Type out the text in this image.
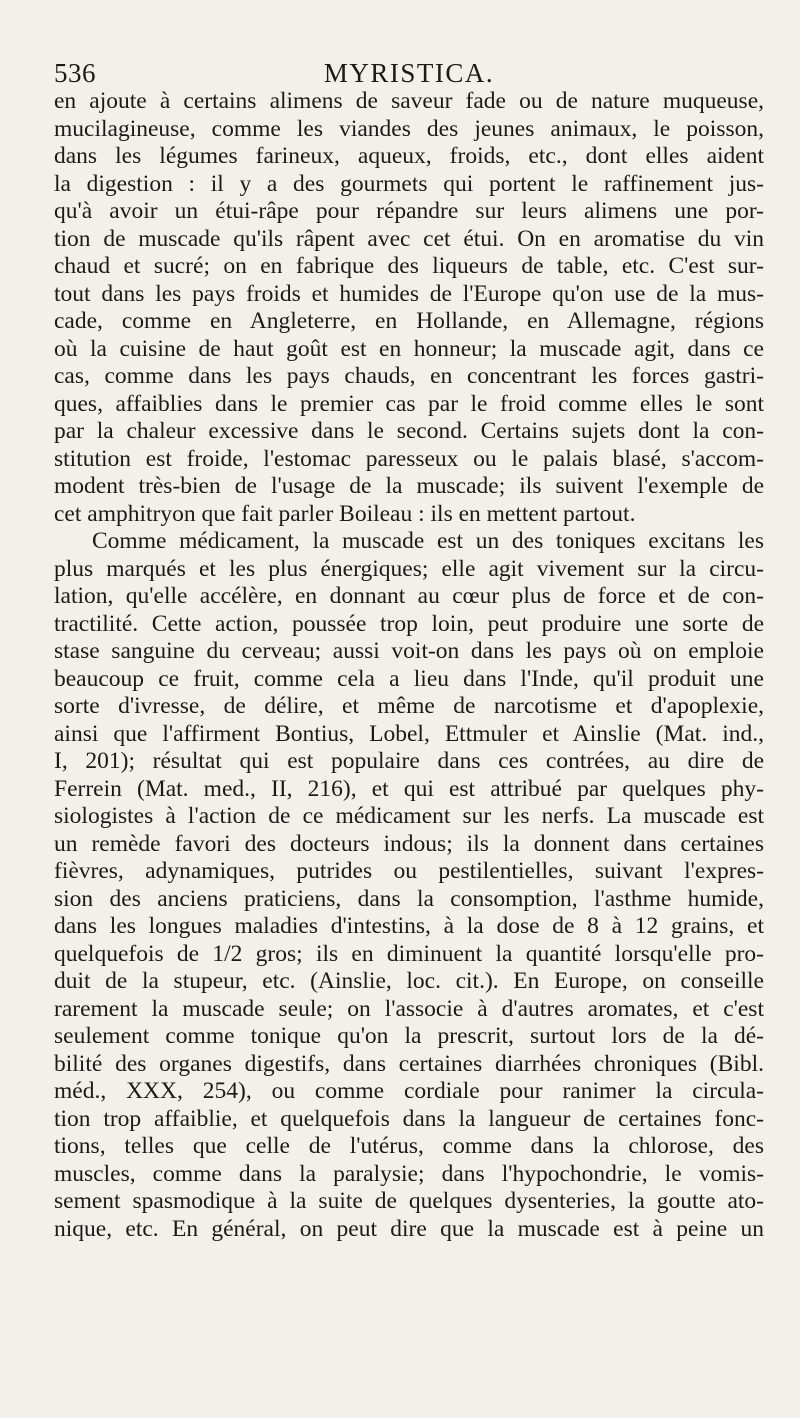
536	MYRISTICA.
en ajoute à certains alimens de saveur fade ou de nature muqueuse,
mucilagineuse, comme les viandes des jeunes animaux, le poisson,
dans les légumes farineux, aqueux, froids, etc., dont elles aident
la digestion : il y a des gourmets qui portent le raffinement jus-
qu'à avoir un étui-râpe pour répandre sur leurs alimens une por-
tion de muscade qu'ils râpent avec cet étui. On en aromatise du vin
chaud et sucré; on en fabrique des liqueurs de table, etc. C'est sur-
tout dans les pays froids et humides de l'Europe qu'on use de la mus-
cade, comme en Angleterre, en Hollande, en Allemagne, régions
où la cuisine de haut goût est en honneur; la muscade agit, dans ce
cas, comme dans les pays chauds, en concentrant les forces gastri-
ques, affaiblies dans le premier cas par le froid comme elles le sont
par la chaleur excessive dans le second. Certains sujets dont la con-
stitution est froide, l'estomac paresseux ou le palais blasé, s'accom-
modent très-bien de l'usage de la muscade; ils suivent l'exemple de
cet amphitryon que fait parler Boileau : ils en mettent partout.
Comme médicament, la muscade est un des toniques excitans les
plus marqués et les plus énergiques; elle agit vivement sur la circu-
lation, qu'elle accélère, en donnant au cœur plus de force et de con-
tractilité. Cette action, poussée trop loin, peut produire une sorte de
stase sanguine du cerveau; aussi voit-on dans les pays où on emploie
beaucoup ce fruit, comme cela a lieu dans l'Inde, qu'il produit une
sorte d'ivresse, de délire, et même de narcotisme et d'apoplexie,
ainsi que l'affirment Bontius, Lobel, Ettmuler et Ainslie (Mat. ind.,
I, 201); résultat qui est populaire dans ces contrées, au dire de
Ferrein (Mat. med., II, 216), et qui est attribué par quelques phy-
siologistes à l'action de ce médicament sur les nerfs. La muscade est
un remède favori des docteurs indous; ils la donnent dans certaines
fièvres, adynamiques, putrides ou pestilentielles, suivant l'expres-
sion des anciens praticiens, dans la consomption, l'asthme humide,
dans les longues maladies d'intestins, à la dose de 8 à 12 grains, et
quelquefois de 1/2 gros; ils en diminuent la quantité lorsqu'elle pro-
duit de la stupeur, etc. (Ainslie, loc. cit.). En Europe, on conseille
rarement la muscade seule; on l'associe à d'autres aromates, et c'est
seulement comme tonique qu'on la prescrit, surtout lors de la dé-
bilité des organes digestifs, dans certaines diarrhées chroniques (Bibl.
méd., XXX, 254), ou comme cordiale pour ranimer la circula-
tion trop affaiblie, et quelquefois dans la langueur de certaines fonc-
tions, telles que celle de l'utérus, comme dans la chlorose, des
muscles, comme dans la paralysie; dans l'hypochondrie, le vomis-
sement spasmodique à la suite de quelques dysenteries, la goutte ato-
nique, etc. En général, on peut dire que la muscade est à peine un
